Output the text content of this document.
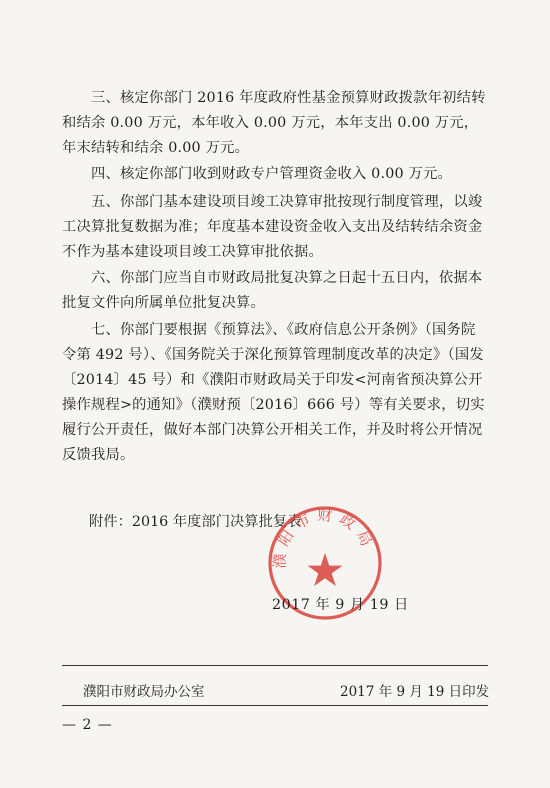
三、核定你部门 2016 年度政府性基金预算财政拨款年初结转和结余 0.00 万元，本年收入 0.00 万元，本年支出 0.00 万元，年末结转和结余 0.00 万元。

四、核定你部门收到财政专户管理资金收入 0.00 万元。

五、你部门基本建设项目竣工决算审批按现行制度管理，以竣工决算批复数据为准；年度基本建设资金收入支出及结转结余资金不作为基本建设项目竣工决算审批依据。

六、你部门应当自市财政局批复决算之日起十五日内，依据本批复文件向所属单位批复决算。

七、你部门要根据《预算法》、《政府信息公开条例》（国务院令第 492 号）、《国务院关于深化预算管理制度改革的决定》（国发〔2014〕45 号）和《濮阳市财政局关于印发<河南省预决算公开操作规程>的通知》（濮财预〔2016〕666 号）等有关要求，切实履行公开责任，做好本部门决算公开相关工作，并及时将公开情况反馈我局。

附件：2016 年度部门决算批复表
濮阳市财政局
2017 年 9 月 19 日
濮阳市财政局办公室	2017 年 9 月 19 日印发
— 2 —
